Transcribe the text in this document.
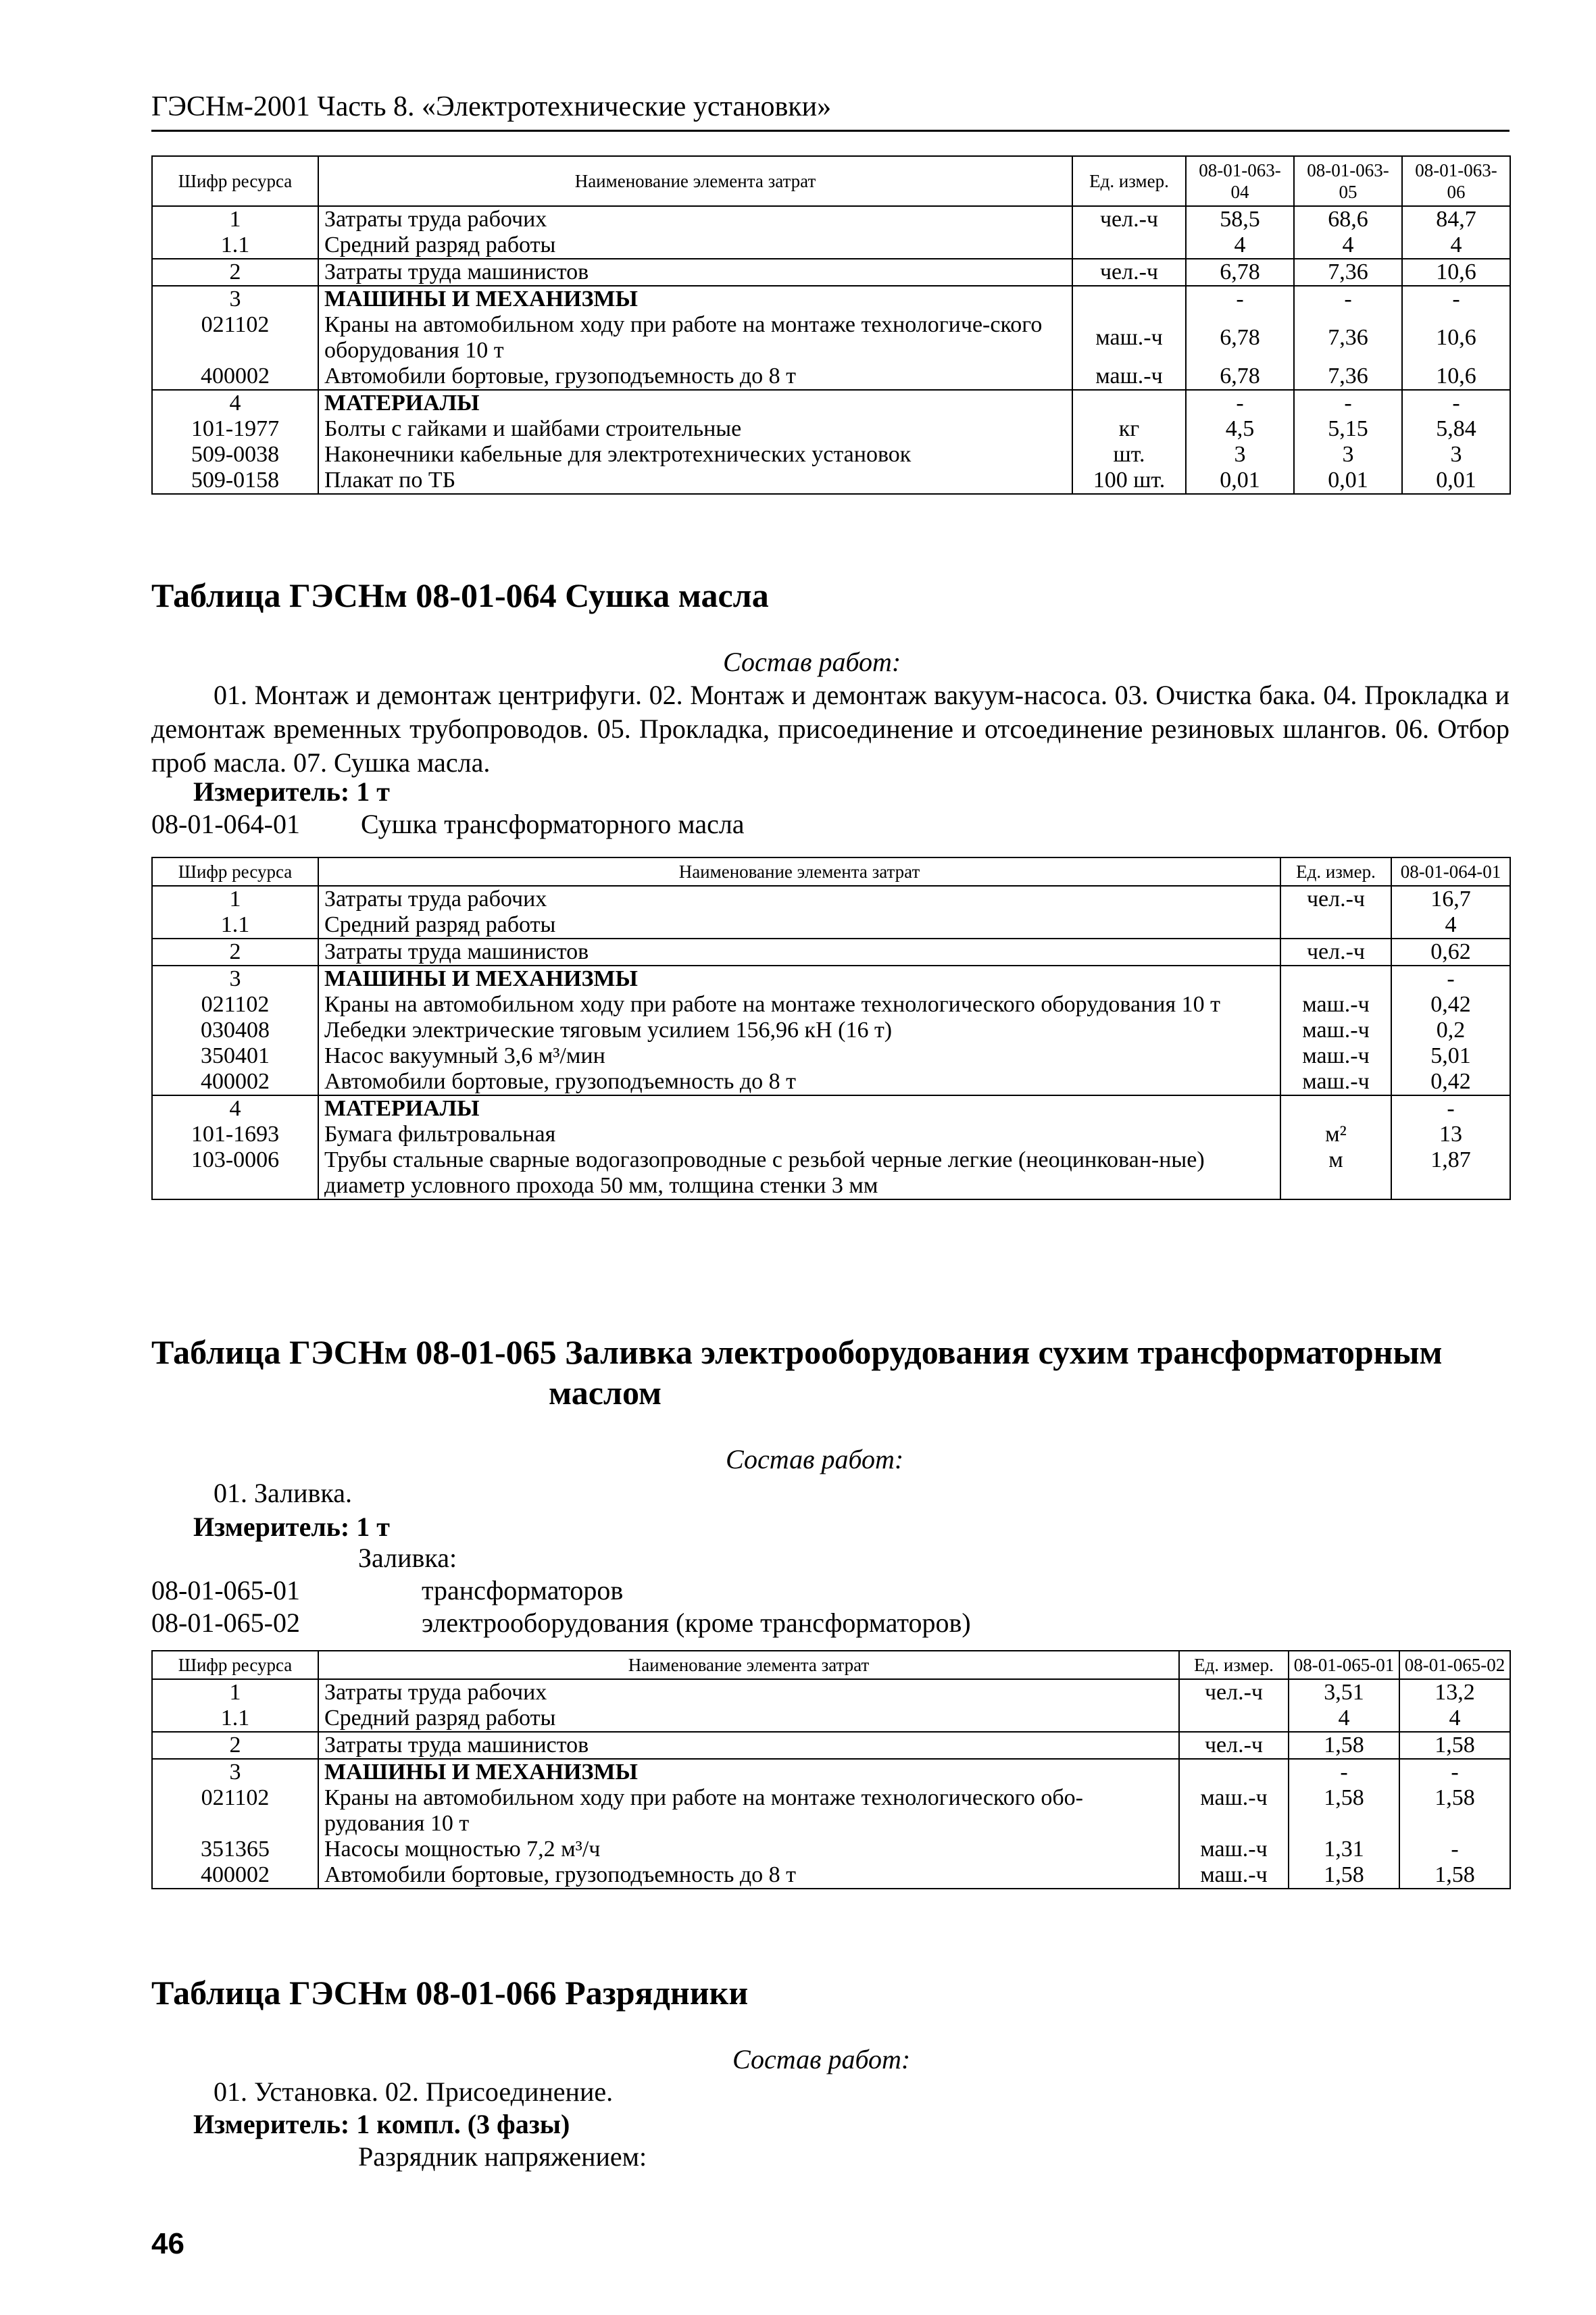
ГЭСНм-2001 Часть 8. «Электротехнические установки»
Шифр ресурса	Наименование элемента затрат	Ед. измер.	08-01-063-04	08-01-063-05	08-01-063-06
1	Затраты труда рабочих	чел.-ч	58,5	68,6	84,7
1.1	Средний разряд работы		4	4	4
2	Затраты труда машинистов	чел.-ч	6,78	7,36	10,6
3	МАШИНЫ И МЕХАНИЗМЫ		-	-	-
021102	Краны на автомобильном ходу при работе на монтаже технологиче-ского оборудования 10 т	маш.-ч	6,78	7,36	10,6
400002	Автомобили бортовые, грузоподъемность до 8 т	маш.-ч	6,78	7,36	10,6
4	МАТЕРИАЛЫ		-	-	-
101-1977	Болты с гайками и шайбами строительные	кг	4,5	5,15	5,84
509-0038	Наконечники кабельные для электротехнических установок	шт.	3	3	3
509-0158	Плакат по ТБ	100 шт.	0,01	0,01	0,01
Таблица ГЭСНм 08-01-064 Сушка масла
Состав работ:
01. Монтаж и демонтаж центрифуги. 02. Монтаж и демонтаж вакуум-насоса. 03. Очистка бака. 04. Прокладка и демонтаж временных трубопроводов. 05. Прокладка, присоединение и отсоединение резиновых шлангов. 06. Отбор проб масла. 07. Сушка масла.
Измеритель: 1 т
08-01-064-01 Сушка трансформаторного масла
Шифр ресурса	Наименование элемента затрат	Ед. измер.	08-01-064-01
1	Затраты труда рабочих	чел.-ч	16,7
1.1	Средний разряд работы		4
2	Затраты труда машинистов	чел.-ч	0,62
3	МАШИНЫ И МЕХАНИЗМЫ		-
021102	Краны на автомобильном ходу при работе на монтаже технологического оборудования 10 т	маш.-ч	0,42
030408	Лебедки электрические тяговым усилием 156,96 кН (16 т)	маш.-ч	0,2
350401	Насос вакуумный 3,6 м³/мин	маш.-ч	5,01
400002	Автомобили бортовые, грузоподъемность до 8 т	маш.-ч	0,42
4	МАТЕРИАЛЫ		-
101-1693	Бумага фильтровальная	м²	13
103-0006	Трубы стальные сварные водогазопроводные с резьбой черные легкие (неоцинкован-ные) диаметр условного прохода 50 мм, толщина стенки 3 мм	м	1,87
Таблица ГЭСНм 08-01-065 Заливка электрооборудования сухим трансформаторным
маслом
Состав работ:
01. Заливка.
Измеритель: 1 т
Заливка:
08-01-065-01	трансформаторов
08-01-065-02	электрооборудования (кроме трансформаторов)
Шифр ресурса	Наименование элемента затрат	Ед. измер.	08-01-065-01	08-01-065-02
1	Затраты труда рабочих	чел.-ч	3,51	13,2
1.1	Средний разряд работы		4	4
2	Затраты труда машинистов	чел.-ч	1,58	1,58
3	МАШИНЫ И МЕХАНИЗМЫ		-	-
021102	Краны на автомобильном ходу при работе на монтаже технологического обо-рудования 10 т	маш.-ч	1,58	1,58
351365	Насосы мощностью 7,2 м³/ч	маш.-ч	1,31	-
400002	Автомобили бортовые, грузоподъемность до 8 т	маш.-ч	1,58	1,58
Таблица ГЭСНм 08-01-066 Разрядники
Состав работ:
01. Установка. 02. Присоединение.
Измеритель: 1 компл. (3 фазы)
Разрядник напряжением:
46
